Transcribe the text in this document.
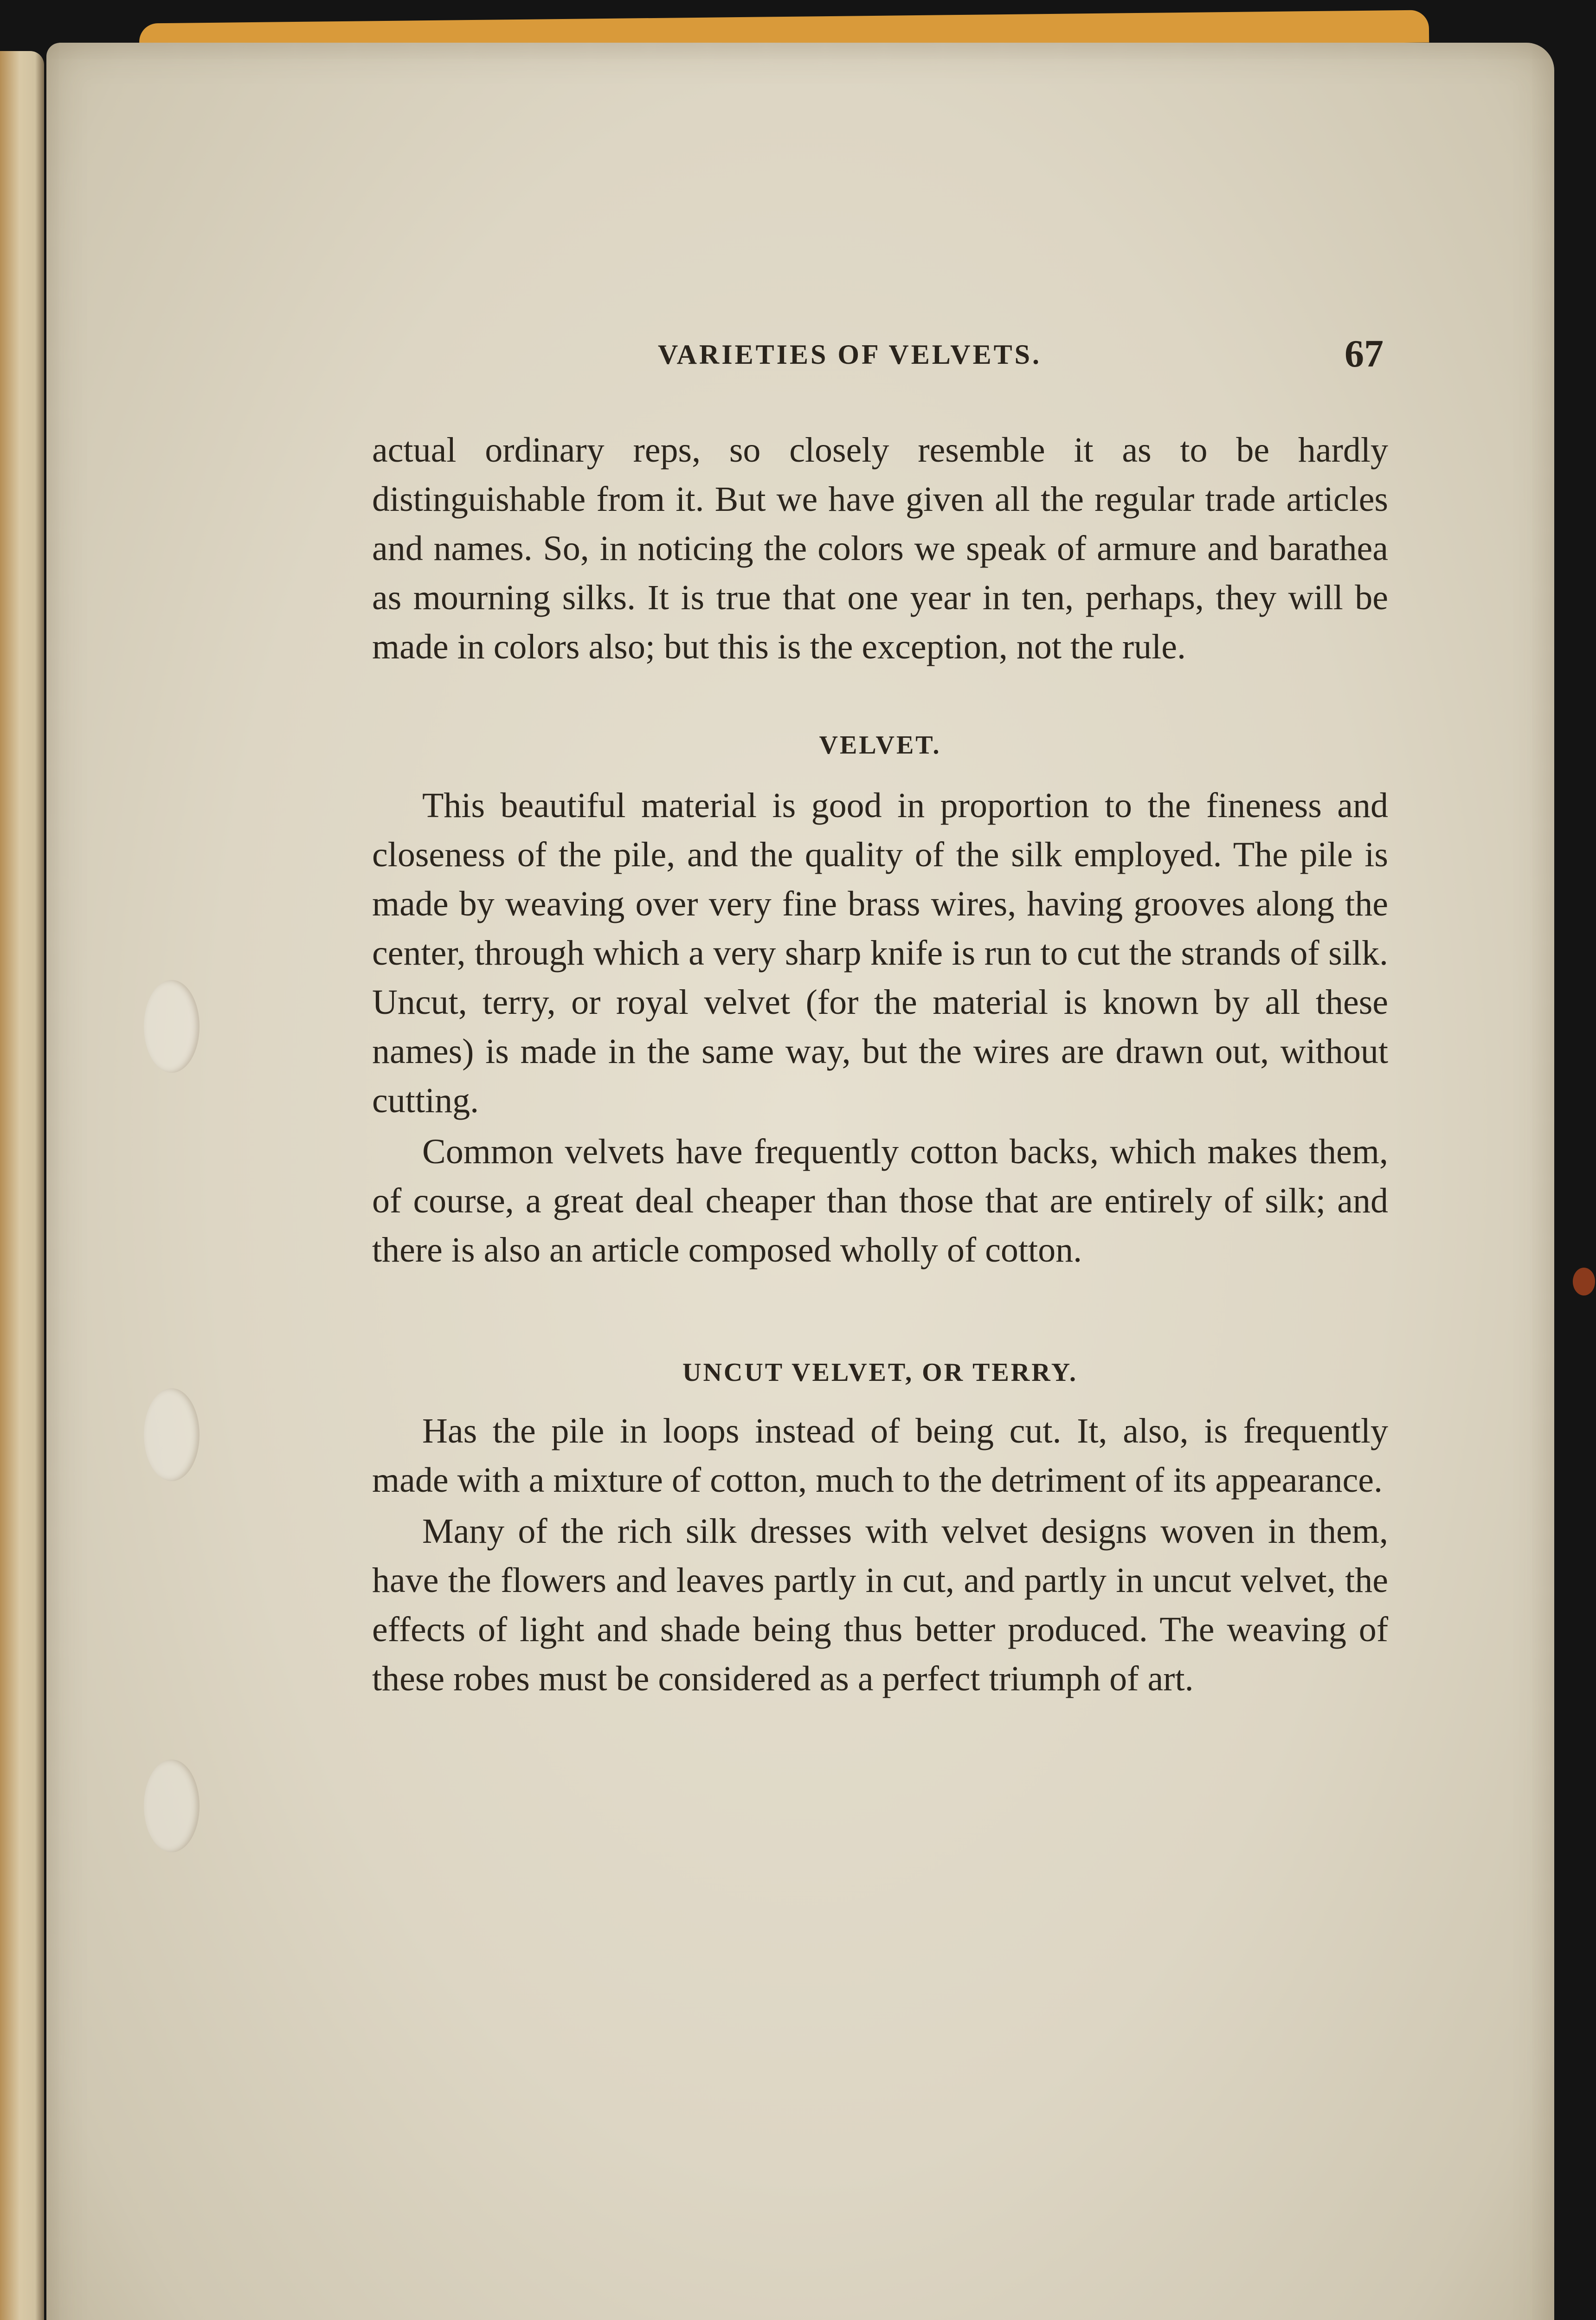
VARIETIES OF VELVETS.	67

actual ordinary reps, so closely resemble it as to be hardly distinguishable from it. But we have given all the regular trade articles and names. So, in noticing the colors we speak of armure and barathea as mourning silks. It is true that one year in ten, perhaps, they will be made in colors also; but this is the exception, not the rule.

VELVET.

This beautiful material is good in proportion to the fineness and closeness of the pile, and the quality of the silk employed. The pile is made by weaving over very fine brass wires, having grooves along the center, through which a very sharp knife is run to cut the strands of silk. Uncut, terry, or royal velvet (for the material is known by all these names) is made in the same way, but the wires are drawn out, without cutting.

Common velvets have frequently cotton backs, which makes them, of course, a great deal cheaper than those that are entirely of silk; and there is also an article composed wholly of cotton.

UNCUT VELVET, OR TERRY.

Has the pile in loops instead of being cut. It, also, is frequently made with a mixture of cotton, much to the detriment of its appearance.

Many of the rich silk dresses with velvet designs woven in them, have the flowers and leaves partly in cut, and partly in uncut velvet, the effects of light and shade being thus better produced. The weaving of these robes must be considered as a perfect triumph of art.
